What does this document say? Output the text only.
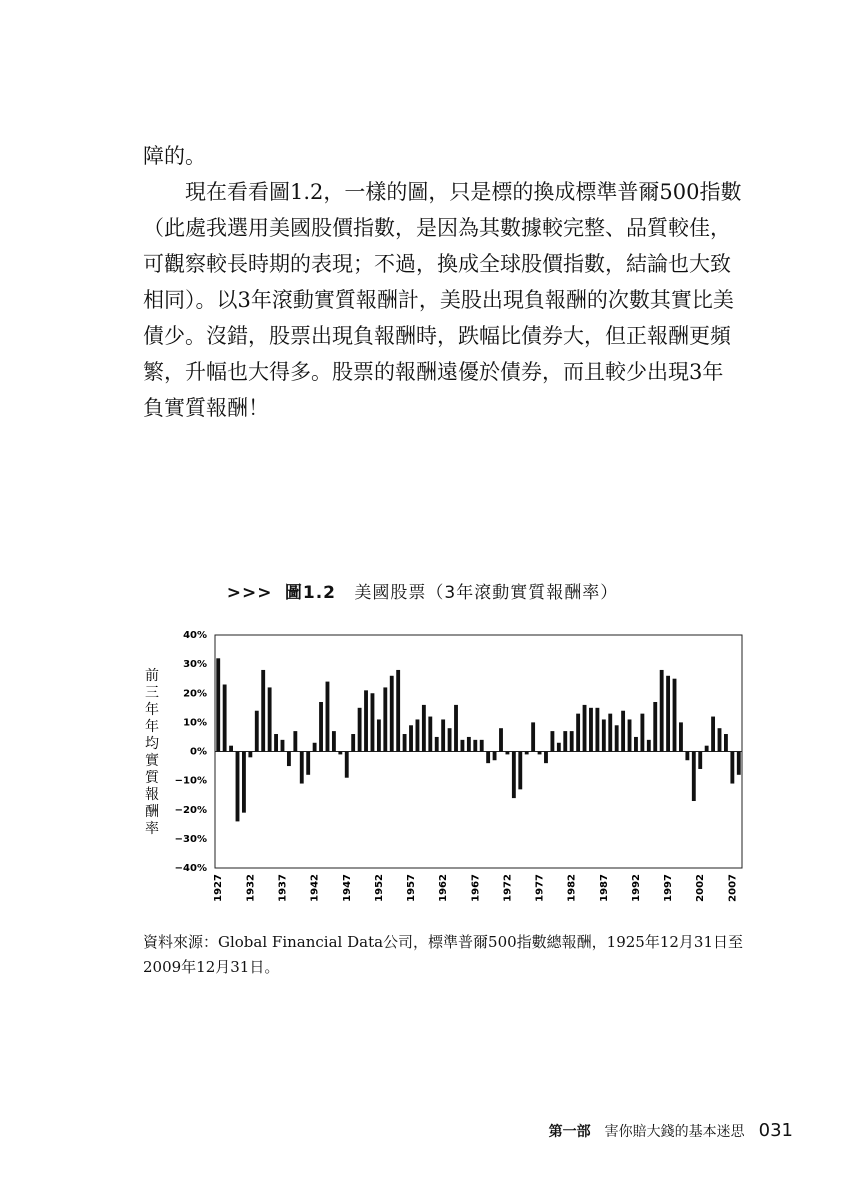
障的。

現在看看圖1.2，一樣的圖，只是標的換成標準普爾500指數（此處我選用美國股價指數，是因為其數據較完整、品質較佳，可觀察較長時期的表現；不過，換成全球股價指數，結論也大致相同）。以3年滾動實質報酬計，美股出現負報酬的次數其實比美債少。沒錯，股票出現負報酬時，跌幅比債券大，但正報酬更頻繁，升幅也大得多。股票的報酬遠優於債券，而且較少出現3年負實質報酬！

>>> 圖1.2 美國股票（3年滾動實質報酬率）
前三年年均實質報酬率
40%
30%
20%
10%
0%
−10%
−20%
−30%
−40%
1927 1932 1937 1942 1947 1952 1957 1962 1967 1972 1977 1982 1987 1992 1997 2002 2007
資料來源：Global Financial Data公司，標準普爾500指數總報酬，1925年12月31日至2009年12月31日。
第一部 害你賠大錢的基本迷思 031
